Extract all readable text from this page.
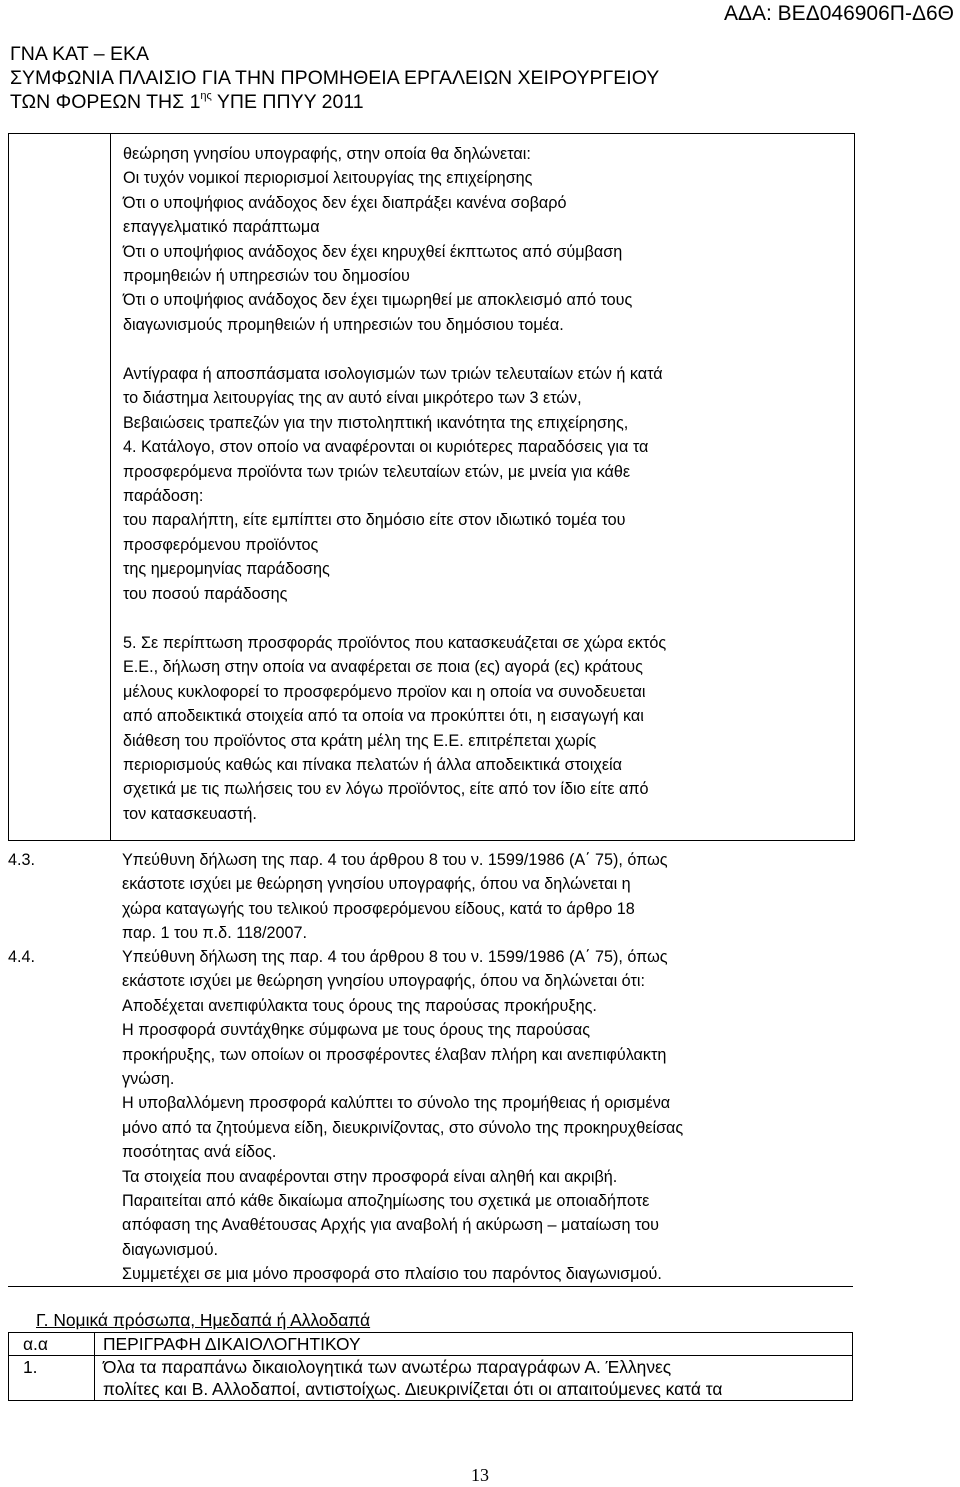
ΑΔΑ: ΒΕΔ046906Π-Δ6Θ
ΓΝΑ ΚΑΤ – ΕΚΑ
ΣΥΜΦΩΝΙΑ ΠΛΑΙΣΙΟ ΓΙΑ ΤΗΝ ΠΡΟΜΗΘΕΙΑ ΕΡΓΑΛΕΙΩΝ ΧΕΙΡΟΥΡΓΕΙΟΥ
ΤΩΝ ΦΟΡΕΩΝ ΤΗΣ $1^{\eta\varsigma}$ ΥΠΕ ΠΠΥΥ 2011

θεώρηση γνησίου υπογραφής, στην οποία θα δηλώνεται:

Οι τυχόν νομικοί περιορισμοί λειτουργίας της επιχείρησης

Ότι ο υποψήφιος ανάδοχος δεν έχει διαπράξει κανένα σοβαρό

επαγγελματικό παράπτωμα

Ότι ο υποψήφιος ανάδοχος δεν έχει κηρυχθεί έκπτωτος από σύμβαση

προμηθειών ή υπηρεσιών του δημοσίου

Ότι ο υποψήφιος ανάδοχος δεν έχει τιμωρηθεί με αποκλεισμό από τους

διαγωνισμούς προμηθειών ή υπηρεσιών του δημόσιου τομέα.

Αντίγραφα ή αποσπάσματα ισολογισμών των τριών τελευταίων ετών ή κατά

το διάστημα λειτουργίας της αν αυτό είναι μικρότερο των 3 ετών,

Βεβαιώσεις τραπεζών για την πιστοληπτική ικανότητα της επιχείρησης,

4. Κατάλογο, στον οποίο να αναφέρονται οι κυριότερες παραδόσεις για τα

προσφερόμενα προϊόντα των τριών τελευταίων ετών, με μνεία για κάθε

παράδοση:

του παραλήπτη, είτε εμπίπτει στο δημόσιο είτε στον ιδιωτικό τομέα του

προσφερόμενου προϊόντος

της ημερομηνίας παράδοσης

του ποσού παράδοσης

5. Σε περίπτωση προσφοράς προϊόντος που κατασκευάζεται σε χώρα εκτός

Ε.Ε., δήλωση στην οποία να αναφέρεται σε ποια (ες) αγορά (ες) κράτους

μέλους κυκλοφορεί το προσφερόμενο προϊον και η οποία να συνοδευεται

από αποδεικτικά στοιχεία από τα οποία να προκύπτει ότι, η εισαγωγή και

διάθεση του προϊόντος στα κράτη μέλη της Ε.Ε. επιτρέπεται χωρίς

περιορισμούς καθώς και πίνακα πελατών ή άλλα αποδεικτικά στοιχεία

σχετικά με τις πωλήσεις του εν λόγω προϊόντος, είτε από τον ίδιο είτε από

τον κατασκευαστή.

4.3.	Υπεύθυνη δήλωση της παρ. 4 του άρθρου 8 του ν. 1599/1986 (Α΄ 75), όπως

εκάστοτε ισχύει με θεώρηση γνησίου υπογραφής, όπου να δηλώνεται η

χώρα καταγωγής του τελικού προσφερόμενου είδους, κατά το άρθρο 18

παρ. 1 του π.δ. 118/2007.

4.4.	Υπεύθυνη δήλωση της παρ. 4 του άρθρου 8 του ν. 1599/1986 (Α΄ 75), όπως

εκάστοτε ισχύει με θεώρηση γνησίου υπογραφής, όπου να δηλώνεται ότι:

Αποδέχεται ανεπιφύλακτα τους όρους της παρούσας προκήρυξης.

Η προσφορά συντάχθηκε σύμφωνα με τους όρους της παρούσας

προκήρυξης, των οποίων οι προσφέροντες έλαβαν πλήρη και ανεπιφύλακτη

γνώση.

Η υποβαλλόμενη προσφορά καλύπτει το σύνολο της προμήθειας ή ορισμένα

μόνο από τα ζητούμενα είδη, διευκρινίζοντας, στο σύνολο της προκηρυχθείσας

ποσότητας ανά είδος.

Τα στοιχεία που αναφέρονται στην προσφορά είναι αληθή και ακριβή.

Παραιτείται από κάθε δικαίωμα αποζημίωσης του σχετικά με οποιαδήποτε

απόφαση της Αναθέτουσας Αρχής για αναβολή ή ακύρωση – ματαίωση του

διαγωνισμού.

Συμμετέχει σε μια μόνο προσφορά στο πλαίσιο του παρόντος διαγωνισμού.

Γ. Νομικά πρόσωπα, Ημεδαπά ή Αλλοδαπά
α.α	ΠΕΡΙΓΡΑΦΗ ΔΙΚΑΙΟΛΟΓΗΤΙΚΟΥ
1.	Όλα τα παραπάνω δικαιολογητικά των ανωτέρω παραγράφων Α. Έλληνες
πολίτες και Β. Αλλοδαποί, αντιστοίχως. Διευκρινίζεται ότι οι απαιτούμενες κατά τα
13
